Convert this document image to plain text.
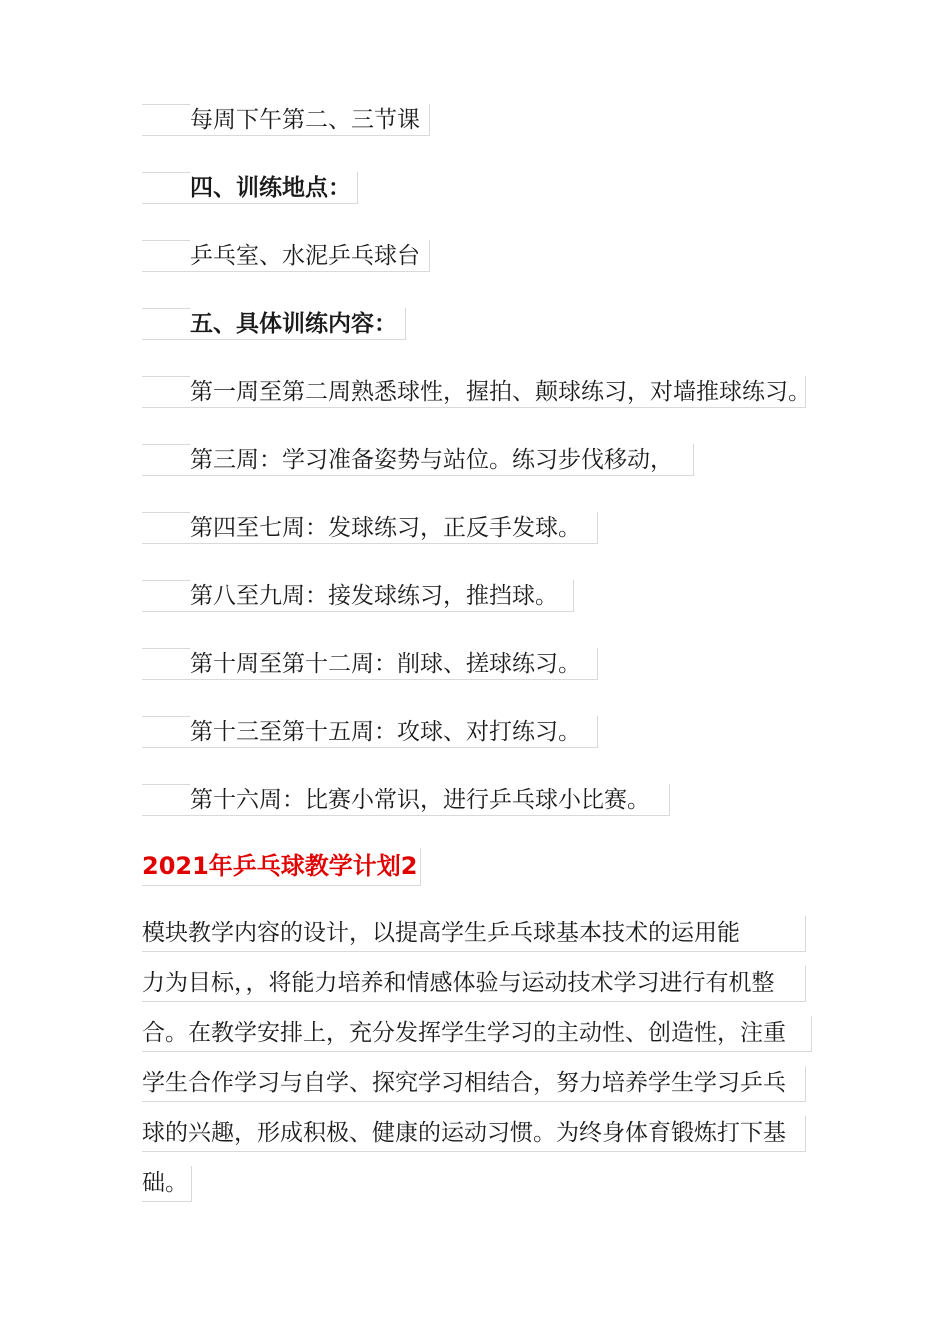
每周下午第二、三节课
四、训练地点：
乒乓室、水泥乒乓球台
五、具体训练内容：
第一周至第二周熟悉球性，握拍、颠球练习，对墙推球练习。
第三周：学习准备姿势与站位。练习步伐移动，
第四至七周：发球练习，正反手发球。
第八至九周：接发球练习，推挡球。
第十周至第十二周：削球、搓球练习。
第十三至第十五周：攻球、对打练习。
第十六周：比赛小常识，进行乒乓球小比赛。
2021年乒乓球教学计划2
模块教学内容的设计，以提高学生乒乓球基本技术的运用能
力为目标，，将能力培养和情感体验与运动技术学习进行有机整
合。在教学安排上，充分发挥学生学习的主动性、创造性，注重
学生合作学习与自学、探究学习相结合，努力培养学生学习乒乓
球的兴趣，形成积极、健康的运动习惯。为终身体育锻炼打下基
础。
